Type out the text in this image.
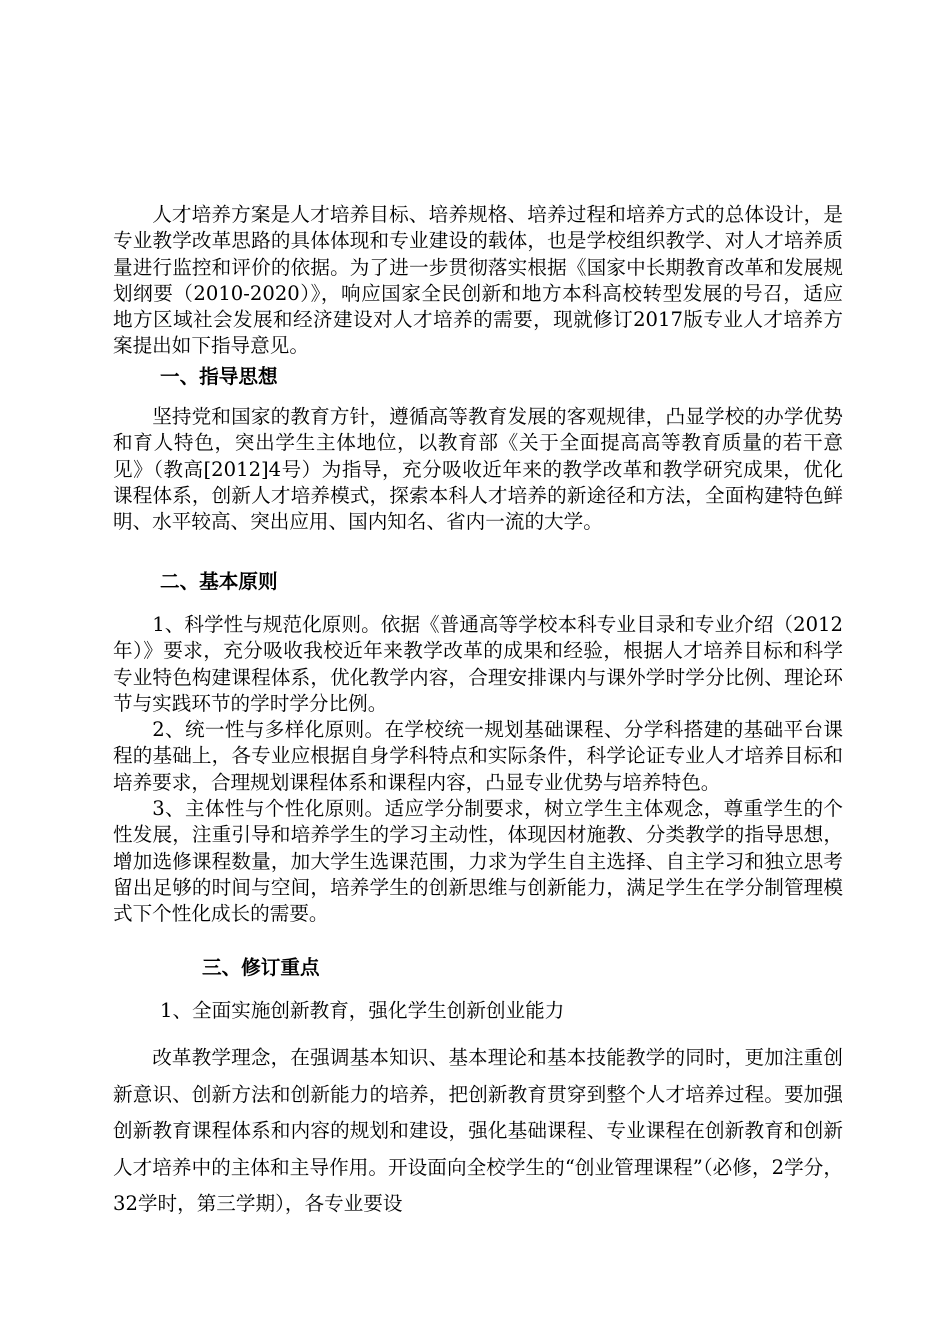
人才培养方案是人才培养目标、培养规格、培养过程和培养方式的总体设计，是专业教学改革思路的具体体现和专业建设的载体，也是学校组织教学、对人才培养质量进行监控和评价的依据。为了进一步贯彻落实根据《国家中长期教育改革和发展规划纲要（2010-2020）》，响应国家全民创新和地方本科高校转型发展的号召，适应地方区域社会发展和经济建设对人才培养的需要，现就修订2017版专业人才培养方案提出如下指导意见。

一、指导思想

坚持党和国家的教育方针，遵循高等教育发展的客观规律，凸显学校的办学优势和育人特色，突出学生主体地位，以教育部《关于全面提高高等教育质量的若干意见》（教高[2012]4号）为指导，充分吸收近年来的教学改革和教学研究成果，优化课程体系，创新人才培养模式，探索本科人才培养的新途径和方法，全面构建特色鲜明、水平较高、突出应用、国内知名、省内一流的大学。

二、基本原则

1、科学性与规范化原则。依据《普通高等学校本科专业目录和专业介绍（2012年）》要求，充分吸收我校近年来教学改革的成果和经验，根据人才培养目标和科学专业特色构建课程体系，优化教学内容，合理安排课内与课外学时学分比例、理论环节与实践环节的学时学分比例。

2、统一性与多样化原则。在学校统一规划基础课程、分学科搭建的基础平台课程的基础上，各专业应根据自身学科特点和实际条件，科学论证专业人才培养目标和培养要求，合理规划课程体系和课程内容，凸显专业优势与培养特色。

3、主体性与个性化原则。适应学分制要求，树立学生主体观念，尊重学生的个性发展，注重引导和培养学生的学习主动性，体现因材施教、分类教学的指导思想，增加选修课程数量，加大学生选课范围，力求为学生自主选择、自主学习和独立思考留出足够的时间与空间，培养学生的创新思维与创新能力，满足学生在学分制管理模式下个性化成长的需要。

三、修订重点

1、全面实施创新教育，强化学生创新创业能力

改革教学理念，在强调基本知识、基本理论和基本技能教学的同时，更加注重创新意识、创新方法和创新能力的培养，把创新教育贯穿到整个人才培养过程。要加强创新教育课程体系和内容的规划和建设，强化基础课程、专业课程在创新教育和创新人才培养中的主体和主导作用。开设面向全校学生的“创业管理课程”（必修，2学分，32学时，第三学期），各专业要设
